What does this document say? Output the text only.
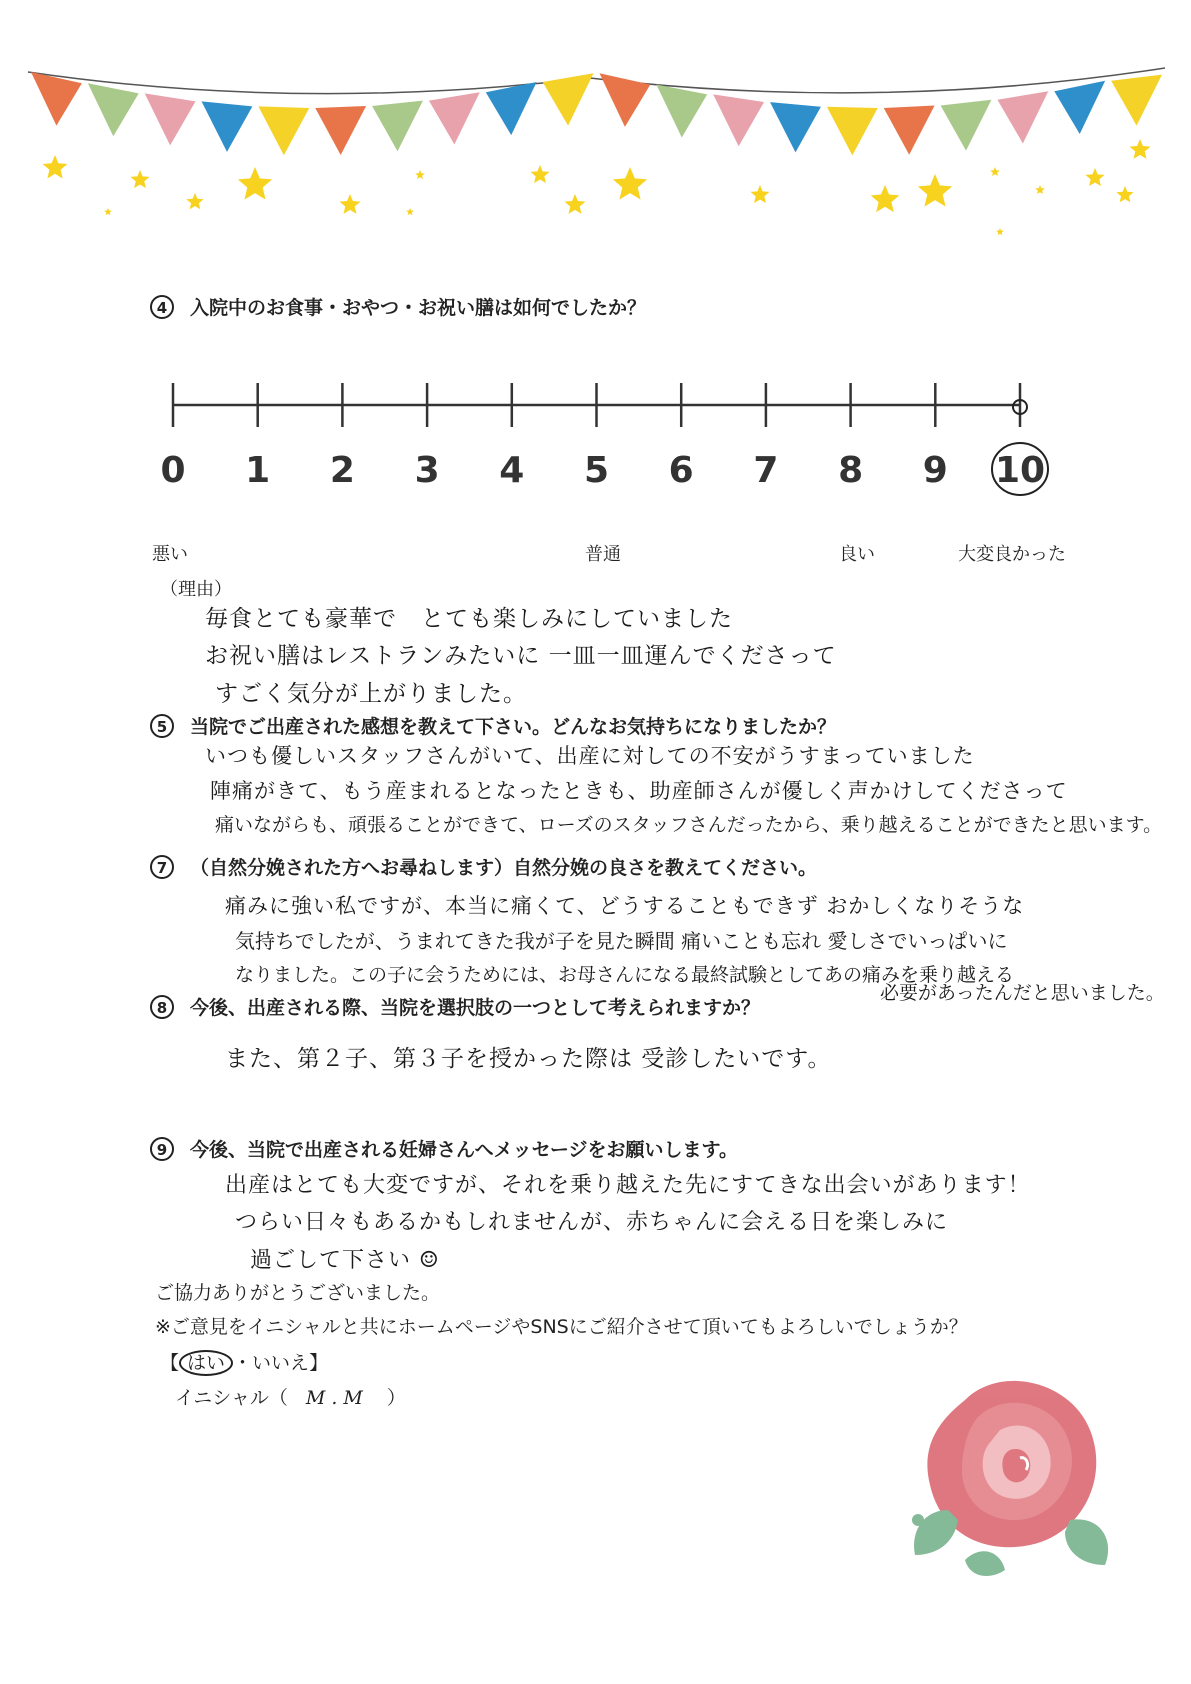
4 入院中のお食事・おやつ・お祝い膳は如何でしたか？
0 1 2 3 4 5 6 7 8 9 10
悪い	普通	良い	大変良かった
（理由）
毎食とても豪華で　とても楽しみにしていました
お祝い膳はレストランみたいに 一皿一皿運んでくださって
すごく気分が上がりました。
5 当院でご出産された感想を教えて下さい。どんなお気持ちになりましたか？
いつも優しいスタッフさんがいて、出産に対しての不安がうすまっていました
陣痛がきて、もう産まれるとなったときも、助産師さんが優しく声かけしてくださって
痛いながらも、頑張ることができて、ローズのスタッフさんだったから、乗り越えることができたと思います。
7 （自然分娩された方へお尋ねします）自然分娩の良さを教えてください。
痛みに強い私ですが、本当に痛くて、どうすることもできず おかしくなりそうな
気持ちでしたが、うまれてきた我が子を見た瞬間 痛いことも忘れ 愛しさでいっぱいに
なりました。この子に会うためには、お母さんになる最終試験としてあの痛みを乗り越える
必要があったんだと思いました。
8 今後、出産される際、当院を選択肢の一つとして考えられますか？
また、第２子、第３子を授かった際は 受診したいです。
9 今後、当院で出産される妊婦さんへメッセージをお願いします。
出産はとても大変ですが、それを乗り越えた先にすてきな出会いがあります！
つらい日々もあるかもしれませんが、赤ちゃんに会える日を楽しみに
過ごして下さい ☺
ご協力ありがとうございました。
※ご意見をイニシャルと共にホームページやSNSにご紹介させて頂いてもよろしいでしょうか？
【 はい ・いいえ】
イニシャル（ M.M ）
